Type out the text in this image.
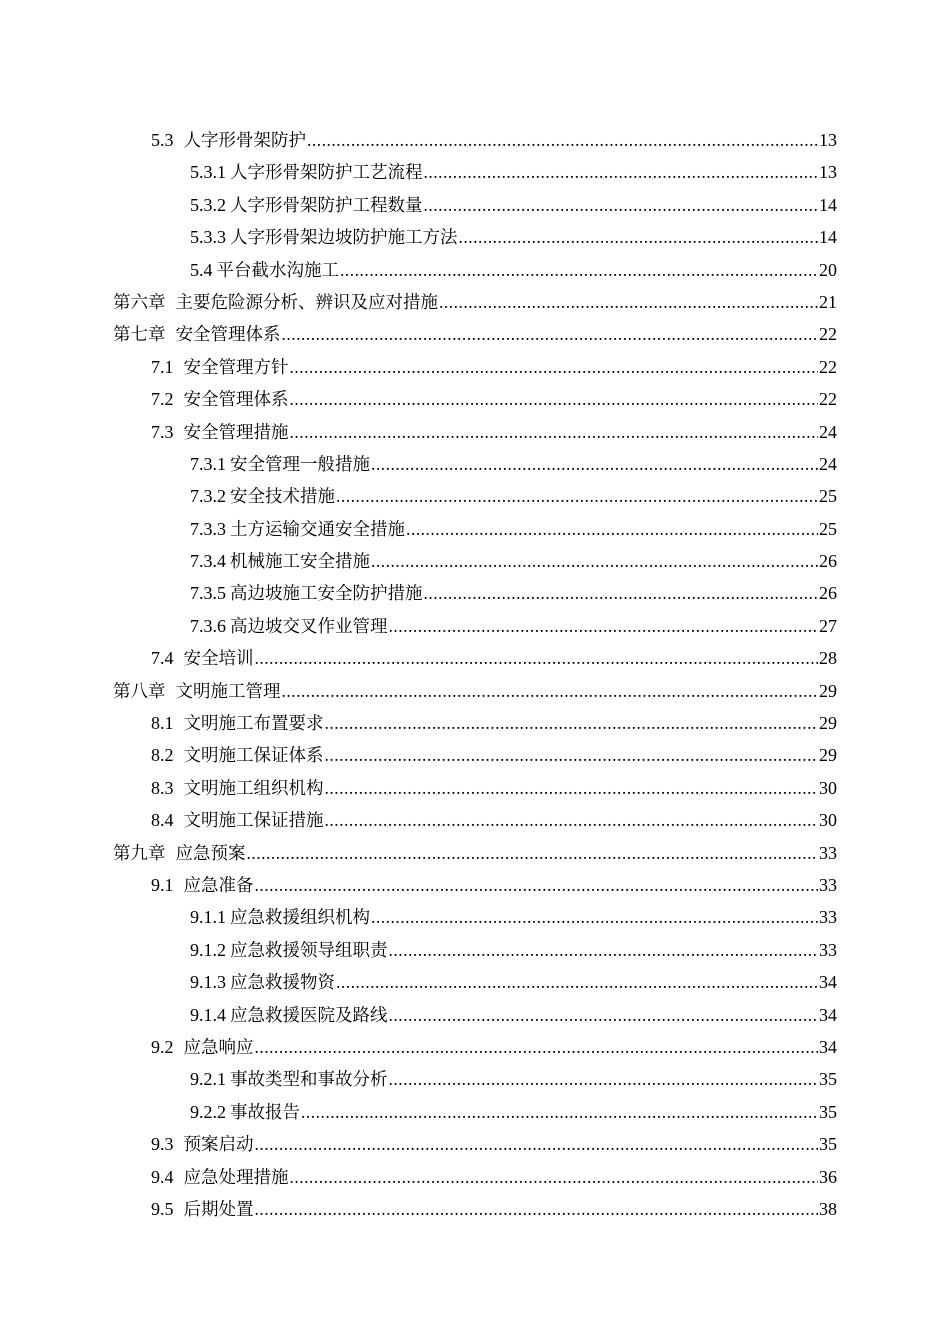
5.3 人字形骨架防护 .....	13
5.3.1 人字形骨架防护工艺流程 .....	13
5.3.2 人字形骨架防护工程数量 .....	14
5.3.3 人字形骨架边坡防护施工方法 .....	14
5.4 平台截水沟施工 .....	20
第六章 主要危险源分析、辨识及应对措施 .....	21
第七章 安全管理体系 .....	22
7.1 安全管理方针 .....	22
7.2 安全管理体系 .....	22
7.3 安全管理措施 .....	24
7.3.1 安全管理一般措施 .....	24
7.3.2 安全技术措施 .....	25
7.3.3 土方运输交通安全措施 .....	25
7.3.4 机械施工安全措施 .....	26
7.3.5 高边坡施工安全防护措施 .....	26
7.3.6 高边坡交叉作业管理 .....	27
7.4 安全培训 .....	28
第八章 文明施工管理 .....	29
8.1 文明施工布置要求 .....	29
8.2 文明施工保证体系 .....	29
8.3 文明施工组织机构 .....	30
8.4 文明施工保证措施 .....	30
第九章 应急预案 .....	33
9.1 应急准备 .....	33
9.1.1 应急救援组织机构 .....	33
9.1.2 应急救援领导组职责 .....	33
9.1.3 应急救援物资 .....	34
9.1.4 应急救援医院及路线 .....	34
9.2 应急响应 .....	34
9.2.1 事故类型和事故分析 .....	35
9.2.2 事故报告 .....	35
9.3 预案启动 .....	35
9.4 应急处理措施 .....	36
9.5 后期处置 .....	38
